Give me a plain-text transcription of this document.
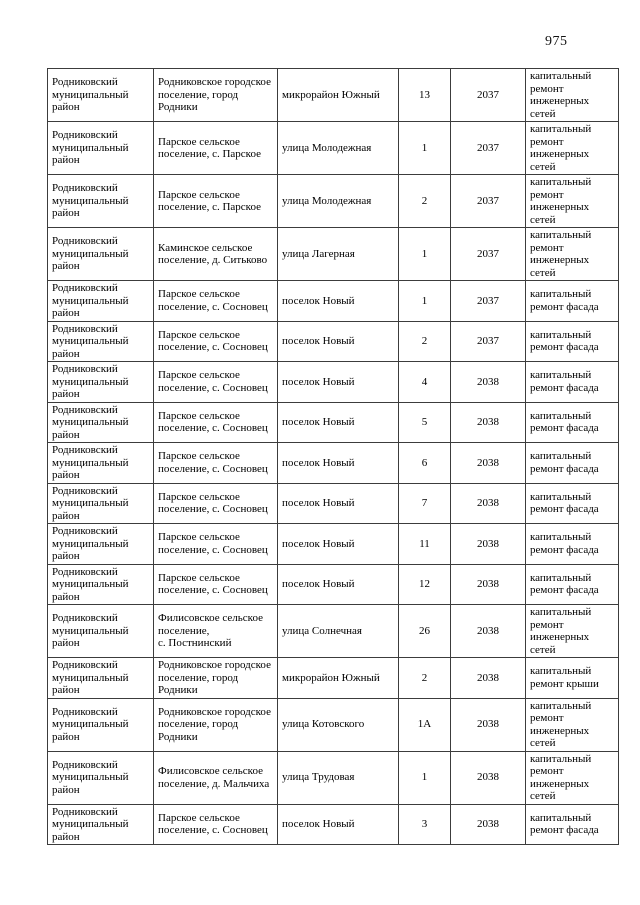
975
Родниковский муниципальный район	Родниковское городское поселение, город Родники	микрорайон Южный	13	2037	капитальный ремонт инженерных сетей
Родниковский муниципальный район	Парское сельское поселение, с. Парское	улица Молодежная	1	2037	капитальный ремонт инженерных сетей
Родниковский муниципальный район	Парское сельское поселение, с. Парское	улица Молодежная	2	2037	капитальный ремонт инженерных сетей
Родниковский муниципальный район	Каминское сельское поселение, д. Ситьково	улица Лагерная	1	2037	капитальный ремонт инженерных сетей
Родниковский муниципальный район	Парское сельское поселение, с. Сосновец	поселок Новый	1	2037	капитальный ремонт фасада
Родниковский муниципальный район	Парское сельское поселение, с. Сосновец	поселок Новый	2	2037	капитальный ремонт фасада
Родниковский муниципальный район	Парское сельское поселение, с. Сосновец	поселок Новый	4	2038	капитальный ремонт фасада
Родниковский муниципальный район	Парское сельское поселение, с. Сосновец	поселок Новый	5	2038	капитальный ремонт фасада
Родниковский муниципальный район	Парское сельское поселение, с. Сосновец	поселок Новый	6	2038	капитальный ремонт фасада
Родниковский муниципальный район	Парское сельское поселение, с. Сосновец	поселок Новый	7	2038	капитальный ремонт фасада
Родниковский муниципальный район	Парское сельское поселение, с. Сосновец	поселок Новый	11	2038	капитальный ремонт фасада
Родниковский муниципальный район	Парское сельское поселение, с. Сосновец	поселок Новый	12	2038	капитальный ремонт фасада
Родниковский муниципальный район	Филисовское сельское поселение, с. Постнинский	улица Солнечная	26	2038	капитальный ремонт инженерных сетей
Родниковский муниципальный район	Родниковское городское поселение, город Родники	микрорайон Южный	2	2038	капитальный ремонт крыши
Родниковский муниципальный район	Родниковское городское поселение, город Родники	улица Котовского	1А	2038	капитальный ремонт инженерных сетей
Родниковский муниципальный район	Филисовское сельское поселение, д. Мальчиха	улица Трудовая	1	2038	капитальный ремонт инженерных сетей
Родниковский муниципальный район	Парское сельское поселение, с. Сосновец	поселок Новый	3	2038	капитальный ремонт фасада
